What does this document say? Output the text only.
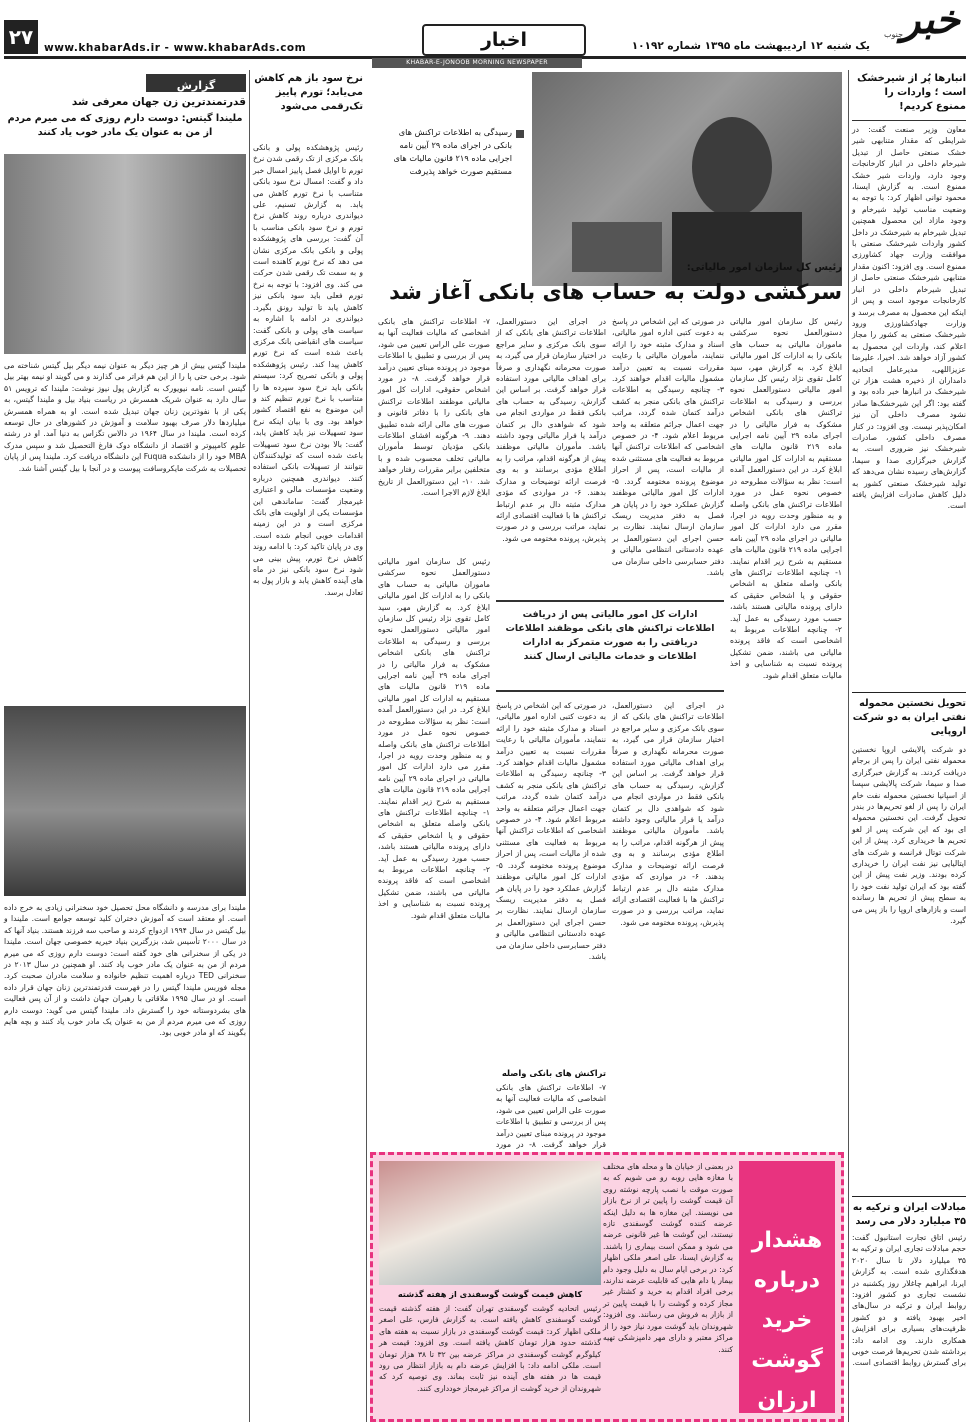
خبر
جنوب
یک شنبه ۱۲ اردیبهشت ماه ۱۳۹۵ شماره ۱۰۱۹۲
اخبار
www.khabarAds.ir - www.khabarAds.com
۲۷
KHABAR-E-JONOOB MORNING NEWSPAPER
انبارها پُر از شیرخشک است ؛ واردات را ممنوع کردیم!
معاون وزیر صنعت گفت: در شرایطی که مقدار متنابهی شیر خشک صنعتی حاصل از تبدیل شیرخام داخلی در انبار کارخانجات وجود دارد، واردات شیر خشک ممنوع است. به گزارش ایسنا، محمود توانی اظهار کرد: با توجه به وضعیت مناسب تولید شیرخام و وجود مازاد این محصول همچنین تبدیل شیرخام به شیرخشک در داخل کشور واردات شیرخشک صنعتی با موافقت وزارت جهاد کشاورزی ممنوع است. وی افزود: اکنون مقدار متنابهی شیرخشک صنعتی حاصل از تبدیل شیرخام داخلی در انبار کارخانجات موجود است و پس از اینکه این محصول به مصرف برسد و وزارت جهادکشاورزی ورود شیرخشک صنعتی به کشور را مجاز اعلام کند، واردات این محصول به کشور آزاد خواهد شد. اخیرا، علیرضا عزیزاللهی، مدیرعامل اتحادیه دامداران از ذخیره هشت هزار تن شیرخشک در انبارها خبر داده بود و گفته بود: اگر این شیرخشک‌ها صادر نشود مصرف داخلی آن نیز امکان‌پذیر نیست. وی افزود: در کنار مصرف داخلی کشور، صادرات شیرخشک نیز ضروری است. به گزارش خبرگزاری صدا و سیما، گزارش‌های رسیده نشان می‌دهد که تولید شیرخشک صنعتی کشور به دلیل کاهش صادرات افزایش یافته است.
تحویل نخستین محموله نفتی ایران به دو شرکت اروپایی
دو شرکت پالایشی اروپا نخستین محموله نفتی ایران را پس از برجام دریافت کردند. به گزارش خبرگزاری صدا و سیما، شرکت پالایشی سپسا از اسپانیا نخستین محموله نفت خام ایران را پس از لغو تحریم‌ها در بندر تحویل گرفت. این نخستین محموله ای بود که این شرکت پس از لغو تحریم ها خریداری کرد. پیش از این شرکت توتال فرانسه و شرکت های ایتالیایی نیز نفت ایران را خریداری کرده بودند. وزیر نفت پیش از این گفته بود که ایران تولید نفت خود را به سطح پیش از تحریم ها رسانده است و بازارهای اروپا را باز پس می گیرد.
مبادلات ایران و ترکیه به ۳۵ میلیارد دلار می رسد
رئیس اتاق تجارت استانبول گفت: حجم مبادلات تجاری ایران و ترکیه به ۳۵ میلیارد دلار تا سال ۲۰۲۰ هدفگذاری شده است. به گزارش ایرنا، ابراهیم چاغلار روز یکشنبه در نشست تجاری دو کشور افزود: روابط ایران و ترکیه در سال‌های اخیر بهبود یافته و دو کشور ظرفیت‌های بسیاری برای افزایش همکاری دارند. وی ادامه داد: برداشته شدن تحریم‌ها فرصت خوبی برای گسترش روابط اقتصادی است.
رسیدگی به اطلاعات تراکنش های بانکی در اجرای ماده ۲۹ آیین نامه اجرایی ماده ۲۱۹ قانون مالیات های مستقیم صورت خواهد پذیرفت
رئیس کل سازمان امور مالیاتی:
سرکشی دولت به حساب های بانکی آغاز شد
رئیس کل سازمان امور مالیاتی دستورالعمل نحوه سرکشی ماموران مالیاتی به حساب های بانکی را به ادارات کل امور مالیاتی ابلاغ کرد. به گزارش مهر، سید کامل تقوی نژاد رئیس کل سازمان امور مالیاتی دستورالعمل نحوه بررسی و رسیدگی به اطلاعات تراکنش های بانکی اشخاص مشکوک به فرار مالیاتی را در اجرای ماده ۲۹ آیین نامه اجرایی ماده ۲۱۹ قانون مالیات های مستقیم به ادارات کل امور مالیاتی ابلاغ کرد. در این دستورالعمل آمده است: نظر به سؤالات مطروحه در خصوص نحوه عمل در مورد اطلاعات تراکنش های بانکی واصله و به منظور وحدت رویه در اجرا، مقرر می دارد ادارات کل امور مالیاتی در اجرای ماده ۲۹ آیین نامه اجرایی ماده ۲۱۹ قانون مالیات های مستقیم به شرح زیر اقدام نمایند. ۱- چنانچه اطلاعات تراکنش های بانکی واصله متعلق به اشخاص حقوقی و یا اشخاص حقیقی که دارای پرونده مالیاتی هستند باشد، حسب مورد رسیدگی به عمل آید. ۲- چنانچه اطلاعات مربوط به اشخاصی است که فاقد پرونده مالیاتی می باشند، ضمن تشکیل پرونده نسبت به شناسایی و اخذ مالیات متعلق اقدام شود.
در صورتی که این اشخاص در پاسخ به دعوت کتبی اداره امور مالیاتی، اسناد و مدارک مثبته خود را ارائه ننمایند، مأموران مالیاتی با رعایت مقررات نسبت به تعیین درآمد مشمول مالیات اقدام خواهند کرد. ۳- چنانچه رسیدگی به اطلاعات تراکنش های بانکی منجر به کشف درآمد کتمان شده گردد، مراتب جهت اعمال جرائم متعلقه به واحد مربوط اعلام شود. ۴- در خصوص اشخاصی که اطلاعات تراکنش آنها مربوط به فعالیت های مستثنی شده از مالیات است، پس از احراز موضوع پرونده مختومه گردد. ۵- ادارات کل امور مالیاتی موظفند گزارش عملکرد خود را در پایان هر فصل به دفتر مدیریت ریسک سازمان ارسال نمایند. نظارت بر حسن اجرای این دستورالعمل بر عهده دادستانی انتظامی مالیاتی و دفتر حسابرسی داخلی سازمان می باشد.
ادارات کل امور مالیاتی پس از دریافت اطلاعات تراکنش های بانکی موظفند اطلاعات دریافتی را به صورت متمرکز به ادارات اطلاعات و خدمات مالیاتی ارسال کنند
در اجرای این دستورالعمل، اطلاعات تراکنش های بانکی که از سوی بانک مرکزی و سایر مراجع در اختیار سازمان قرار می گیرد، به صورت محرمانه نگهداری و صرفاً برای اهداف مالیاتی مورد استفاده قرار خواهد گرفت. بر اساس این گزارش، رسیدگی به حساب های بانکی فقط در مواردی انجام می شود که شواهدی دال بر کتمان درآمد یا فرار مالیاتی وجود داشته باشد. مأموران مالیاتی موظفند پیش از هرگونه اقدام، مراتب را به اطلاع مؤدی برسانند و به وی فرصت ارائه توضیحات و مدارک بدهند. ۶- در مواردی که مؤدی مدارک مثبته دال بر عدم ارتباط تراکنش ها با فعالیت اقتصادی ارائه نماید، مراتب بررسی و در صورت پذیرش، پرونده مختومه می شود.
در اجرای این دستورالعمل، اطلاعات تراکنش های بانکی که از سوی بانک مرکزی و سایر مراجع در اختیار سازمان قرار می گیرد، به صورت محرمانه نگهداری و صرفاً برای اهداف مالیاتی مورد استفاده قرار خواهد گرفت. بر اساس این گزارش، رسیدگی به حساب های بانکی فقط در مواردی انجام می شود که شواهدی دال بر کتمان درآمد یا فرار مالیاتی وجود داشته باشد. مأموران مالیاتی موظفند پیش از هرگونه اقدام، مراتب را به اطلاع مؤدی برسانند و به وی فرصت ارائه توضیحات و مدارک بدهند. ۶- در مواردی که مؤدی مدارک مثبته دال بر عدم ارتباط تراکنش ها با فعالیت اقتصادی ارائه نماید، مراتب بررسی و در صورت پذیرش، پرونده مختومه می شود.
در صورتی که این اشخاص در پاسخ به دعوت کتبی اداره امور مالیاتی، اسناد و مدارک مثبته خود را ارائه ننمایند، مأموران مالیاتی با رعایت مقررات نسبت به تعیین درآمد مشمول مالیات اقدام خواهند کرد. ۳- چنانچه رسیدگی به اطلاعات تراکنش های بانکی منجر به کشف درآمد کتمان شده گردد، مراتب جهت اعمال جرائم متعلقه به واحد مربوط اعلام شود. ۴- در خصوص اشخاصی که اطلاعات تراکنش آنها مربوط به فعالیت های مستثنی شده از مالیات است، پس از احراز موضوع پرونده مختومه گردد. ۵- ادارات کل امور مالیاتی موظفند گزارش عملکرد خود را در پایان هر فصل به دفتر مدیریت ریسک سازمان ارسال نمایند. نظارت بر حسن اجرای این دستورالعمل بر عهده دادستانی انتظامی مالیاتی و دفتر حسابرسی داخلی سازمان می باشد.
تراکنش های بانکی واصله
۷- اطلاعات تراکنش های بانکی اشخاصی که مالیات فعالیت آنها به صورت علی الراس تعیین می شود، پس از بررسی و تطبیق با اطلاعات موجود در پرونده مبنای تعیین درآمد قرار خواهد گرفت. ۸- در مورد
۷- اطلاعات تراکنش های بانکی اشخاصی که مالیات فعالیت آنها به صورت علی الراس تعیین می شود، پس از بررسی و تطبیق با اطلاعات موجود در پرونده مبنای تعیین درآمد قرار خواهد گرفت. ۸- در مورد اشخاص حقوقی، ادارات کل امور مالیاتی موظفند اطلاعات تراکنش های بانکی را با دفاتر قانونی و صورت های مالی ارائه شده تطبیق دهند. ۹- هرگونه افشای اطلاعات بانکی مؤدیان توسط مأموران مالیاتی تخلف محسوب شده و با متخلفین برابر مقررات رفتار خواهد شد. ۱۰- این دستورالعمل از تاریخ ابلاغ لازم الاجرا است.
رئیس کل سازمان امور مالیاتی دستورالعمل نحوه سرکشی ماموران مالیاتی به حساب های بانکی را به ادارات کل امور مالیاتی ابلاغ کرد. به گزارش مهر، سید کامل تقوی نژاد رئیس کل سازمان امور مالیاتی دستورالعمل نحوه بررسی و رسیدگی به اطلاعات تراکنش های بانکی اشخاص مشکوک به فرار مالیاتی را در اجرای ماده ۲۹ آیین نامه اجرایی ماده ۲۱۹ قانون مالیات های مستقیم به ادارات کل امور مالیاتی ابلاغ کرد. در این دستورالعمل آمده است: نظر به سؤالات مطروحه در خصوص نحوه عمل در مورد اطلاعات تراکنش های بانکی واصله و به منظور وحدت رویه در اجرا، مقرر می دارد ادارات کل امور مالیاتی در اجرای ماده ۲۹ آیین نامه اجرایی ماده ۲۱۹ قانون مالیات های مستقیم به شرح زیر اقدام نمایند. ۱- چنانچه اطلاعات تراکنش های بانکی واصله متعلق به اشخاص حقوقی و یا اشخاص حقیقی که دارای پرونده مالیاتی هستند باشد، حسب مورد رسیدگی به عمل آید. ۲- چنانچه اطلاعات مربوط به اشخاصی است که فاقد پرونده مالیاتی می باشند، ضمن تشکیل پرونده نسبت به شناسایی و اخذ مالیات متعلق اقدام شود.
هشدار درباره خرید گوشت ارزان
در بعضی از خیابان ها و محله های مختلف با مغازه هایی روبه رو می شویم که به صورت موقت با نصب پارچه نوشته روی آن قیمت گوشت را پایین تر از نرخ بازار می نویسند. این مغازه ها به دلیل اینکه عرضه کننده گوشت گوسفندی تازه نیستند، این گوشت ها غیر قانونی عرضه می شود و ممکن است بیماری زا باشند. به گزارش ایسنا، علی اصغر ملکی اظهار کرد: در برخی ایام سال به دلیل وجود دام بیمار یا دام هایی که قابلیت عرضه ندارند، برخی افراد اقدام به خرید و کشتار غیر مجاز کرده و گوشت را با قیمت پایین تر از بازار به فروش می رسانند. وی افزود: شهروندان باید گوشت مورد نیاز خود را از مراکز معتبر و دارای مهر دامپزشکی تهیه کنند.
کاهش قیمت گوشت گوسفندی از هفته گذشته
رئیس اتحادیه گوشت گوسفندی تهران گفت: از هفته گذشته قیمت گوشت گوسفندی کاهش یافته است. به گزارش فارس، علی اصغر ملکی اظهار کرد: قیمت گوشت گوسفندی در بازار نسبت به هفته های گذشته حدود هزار تومان کاهش یافته است. وی افزود: قیمت هر کیلوگرم گوشت گوسفندی در مراکز عرضه بین ۳۲ تا ۳۸ هزار تومان است. ملکی ادامه داد: با افزایش عرضه دام به بازار انتظار می رود قیمت ها در هفته های آینده نیز ثابت بماند. وی توصیه کرد که شهروندان از خرید گوشت از مراکز غیرمجاز خودداری کنند.
نرخ سود باز هم کاهش می‌یابد؛ تورم پاییز تک‌رقمی می‌شود
رئیس پژوهشکده پولی و بانکی بانک مرکزی از تک رقمی شدن نرخ تورم تا اوایل فصل پاییز امسال خبر داد و گفت: امسال نرخ سود بانکی متناسب با نرخ تورم کاهش می یابد. به گزارش تسنیم، علی دیواندری درباره روند کاهش نرخ تورم و نرخ سود بانکی مناسب با آن گفت: بررسی های پژوهشکده پولی و بانکی بانک مرکزی نشان می دهد که نرخ تورم کاهنده است و به سمت تک رقمی شدن حرکت می کند. وی افزود: با توجه به نرخ تورم فعلی باید سود بانکی نیز کاهش یابد تا تولید رونق بگیرد. دیواندری در ادامه با اشاره به سیاست های پولی و بانکی گفت: سیاست های انقباضی بانک مرکزی باعث شده است که نرخ تورم کاهش پیدا کند. رئیس پژوهشکده پولی و بانکی تصریح کرد: سیستم بانکی باید نرخ سود سپرده ها را متناسب با نرخ تورم تنظیم کند و این موضوع به نفع اقتصاد کشور خواهد بود. وی با بیان اینکه نرخ سود تسهیلات نیز باید کاهش یابد، گفت: بالا بودن نرخ سود تسهیلات باعث شده است که تولیدکنندگان نتوانند از تسهیلات بانکی استفاده کنند. دیواندری همچنین درباره وضعیت مؤسسات مالی و اعتباری غیرمجاز گفت: ساماندهی این مؤسسات یکی از اولویت های بانک مرکزی است و در این زمینه اقدامات خوبی انجام شده است. وی در پایان تاکید کرد: با ادامه روند کاهش نرخ تورم، پیش بینی می شود نرخ سود بانکی نیز در ماه های آینده کاهش یابد و بازار پول به تعادل برسد.
گزارش
قدرتمندترین زن جهان معرفی شد
ملیندا گیتس: دوست دارم روزی که می میرم مردم از من به عنوان یک مادر خوب یاد کنند
ملیندا گیتس بیش از هر چیز دیگر به عنوان نیمه دیگر بیل گیتس شناخته می شود. برخی حتی پا را از این هم فراتر می گذارند و می گویند او نیمه بهتر بیل گیتس است. نامه نیویورک به گزارش پول نیوز نوشت: ملیندا که ترویس ۵۱ سال دارد به عنوان شریک همسرش در ریاست بنیاد بیل و ملیندا گیتس، به یکی از با نفوذترین زنان جهان تبدیل شده است. او به همراه همسرش میلیاردها دلار صرف بهبود سلامت و آموزش در کشورهای در حال توسعه کرده است. ملیندا در سال ۱۹۶۴ در دالاس تگزاس به دنیا آمد. او در رشته علوم کامپیوتر و اقتصاد از دانشگاه دوک فارغ التحصیل شد و سپس مدرک MBA خود را از دانشکده Fuqua این دانشگاه دریافت کرد. ملیندا پس از پایان تحصیلات به شرکت مایکروسافت پیوست و در آنجا با بیل گیتس آشنا شد.
ملیندا برای مدرسه و دانشگاه محل تحصیل خود سخنرانی زیادی به خرج داده است. او معتقد است که آموزش دختران کلید توسعه جوامع است. ملیندا و بیل گیتس در سال ۱۹۹۴ ازدواج کردند و صاحب سه فرزند هستند. بنیاد آنها که در سال ۲۰۰۰ تأسیس شد، بزرگترین بنیاد خیریه خصوصی جهان است. ملیندا در یکی از سخنرانی های خود گفته است: دوست دارم روزی که می میرم مردم از من به عنوان یک مادر خوب یاد کنند. او همچنین در سال ۲۰۱۳ در سخنرانی TED درباره اهمیت تنظیم خانواده و سلامت مادران صحبت کرد. مجله فوربس ملیندا گیتس را در فهرست قدرتمندترین زنان جهان قرار داده است. او در سال ۱۹۹۵ ملاقاتی با رهبران جهان داشت و از آن پس فعالیت های بشردوستانه خود را گسترش داد. ملیندا گیتس می گوید: دوست دارم روزی که می میرم مردم از من به عنوان یک مادر خوب یاد کنند و بچه هایم بگویند که او مادر خوبی بود.
